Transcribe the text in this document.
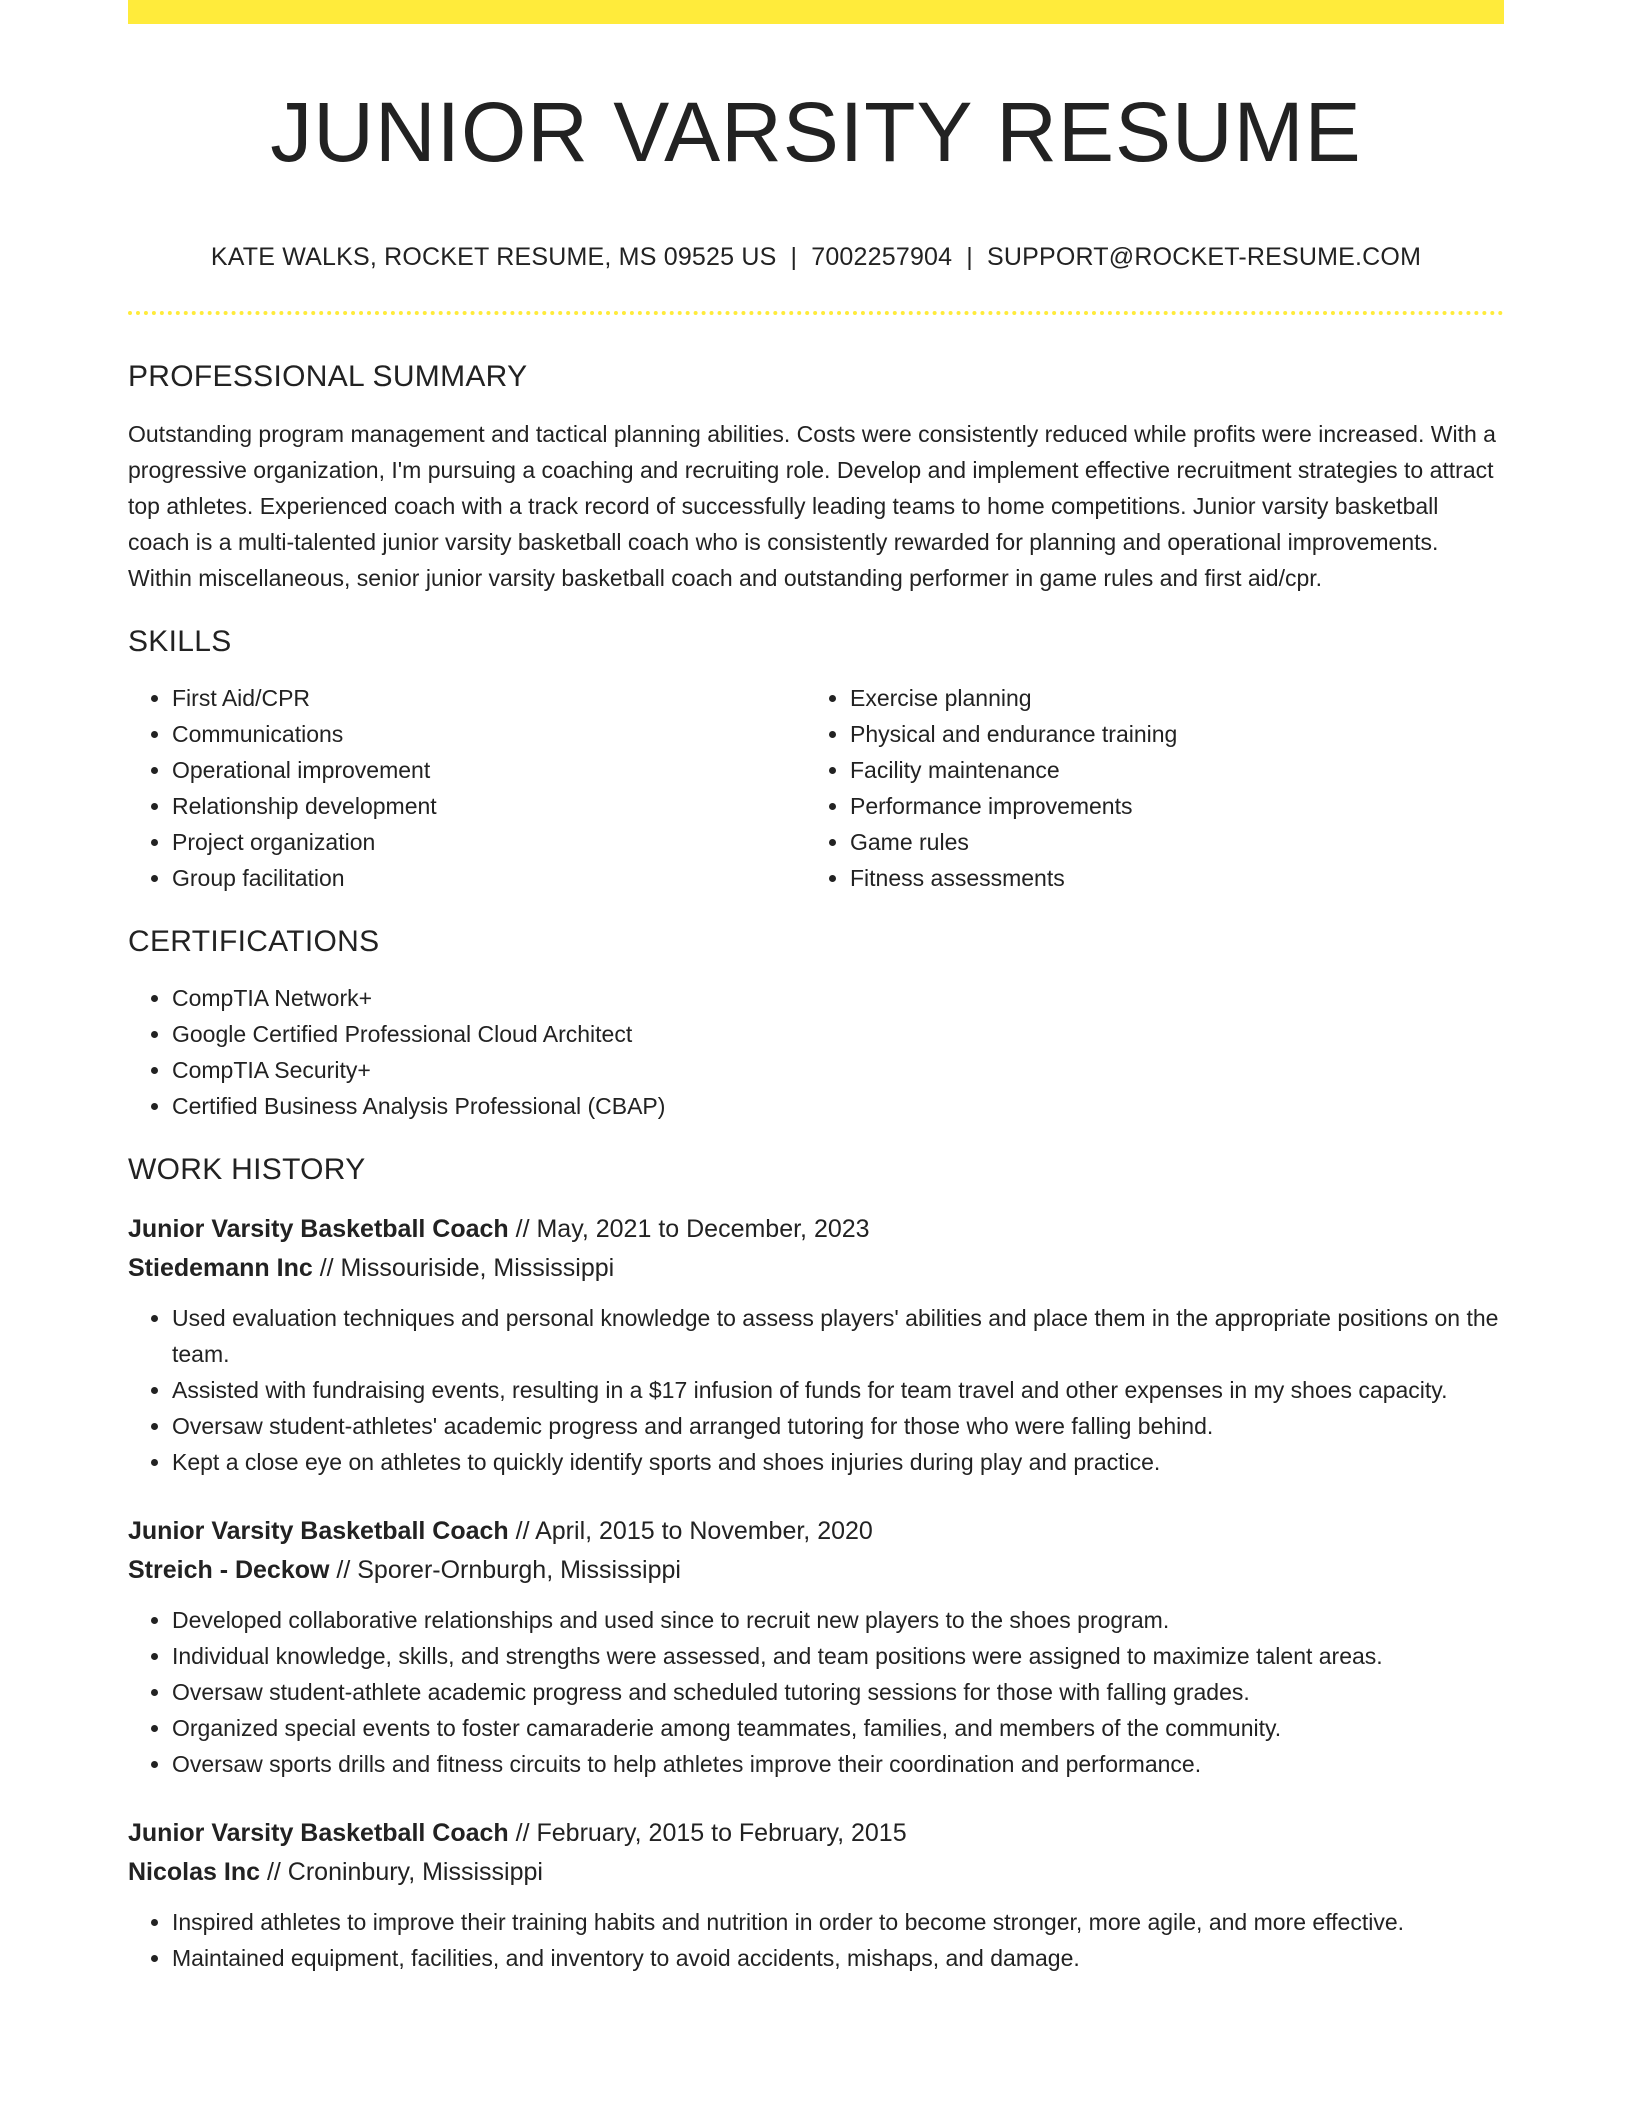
JUNIOR VARSITY RESUME
KATE WALKS, ROCKET RESUME, MS 09525 US | 7002257904 | SUPPORT@ROCKET-RESUME.COM
PROFESSIONAL SUMMARY

Outstanding program management and tactical planning abilities. Costs were consistently reduced while profits were increased. With a progressive organization, I'm pursuing a coaching and recruiting role. Develop and implement effective recruitment strategies to attract top athletes. Experienced coach with a track record of successfully leading teams to home competitions. Junior varsity basketball coach is a multi-talented junior varsity basketball coach who is consistently rewarded for planning and operational improvements. Within miscellaneous, senior junior varsity basketball coach and outstanding performer in game rules and first aid/cpr.

SKILLS
• First Aid/CPR
• Communications
• Operational improvement
• Relationship development
• Project organization
• Group facilitation
• Exercise planning
• Physical and endurance training
• Facility maintenance
• Performance improvements
• Game rules
• Fitness assessments
CERTIFICATIONS
• CompTIA Network+
• Google Certified Professional Cloud Architect
• CompTIA Security+
• Certified Business Analysis Professional (CBAP)
WORK HISTORY
Junior Varsity Basketball Coach // May, 2021 to December, 2023
Stiedemann Inc // Missouriside, Mississippi
• Used evaluation techniques and personal knowledge to assess players' abilities and place them in the appropriate positions on the team.
• Assisted with fundraising events, resulting in a $17 infusion of funds for team travel and other expenses in my shoes capacity.
• Oversaw student-athletes' academic progress and arranged tutoring for those who were falling behind.
• Kept a close eye on athletes to quickly identify sports and shoes injuries during play and practice.
Junior Varsity Basketball Coach // April, 2015 to November, 2020
Streich - Deckow // Sporer-Ornburgh, Mississippi
• Developed collaborative relationships and used since to recruit new players to the shoes program.
• Individual knowledge, skills, and strengths were assessed, and team positions were assigned to maximize talent areas.
• Oversaw student-athlete academic progress and scheduled tutoring sessions for those with falling grades.
• Organized special events to foster camaraderie among teammates, families, and members of the community.
• Oversaw sports drills and fitness circuits to help athletes improve their coordination and performance.
Junior Varsity Basketball Coach // February, 2015 to February, 2015
Nicolas Inc // Croninbury, Mississippi
• Inspired athletes to improve their training habits and nutrition in order to become stronger, more agile, and more effective.
• Maintained equipment, facilities, and inventory to avoid accidents, mishaps, and damage.
